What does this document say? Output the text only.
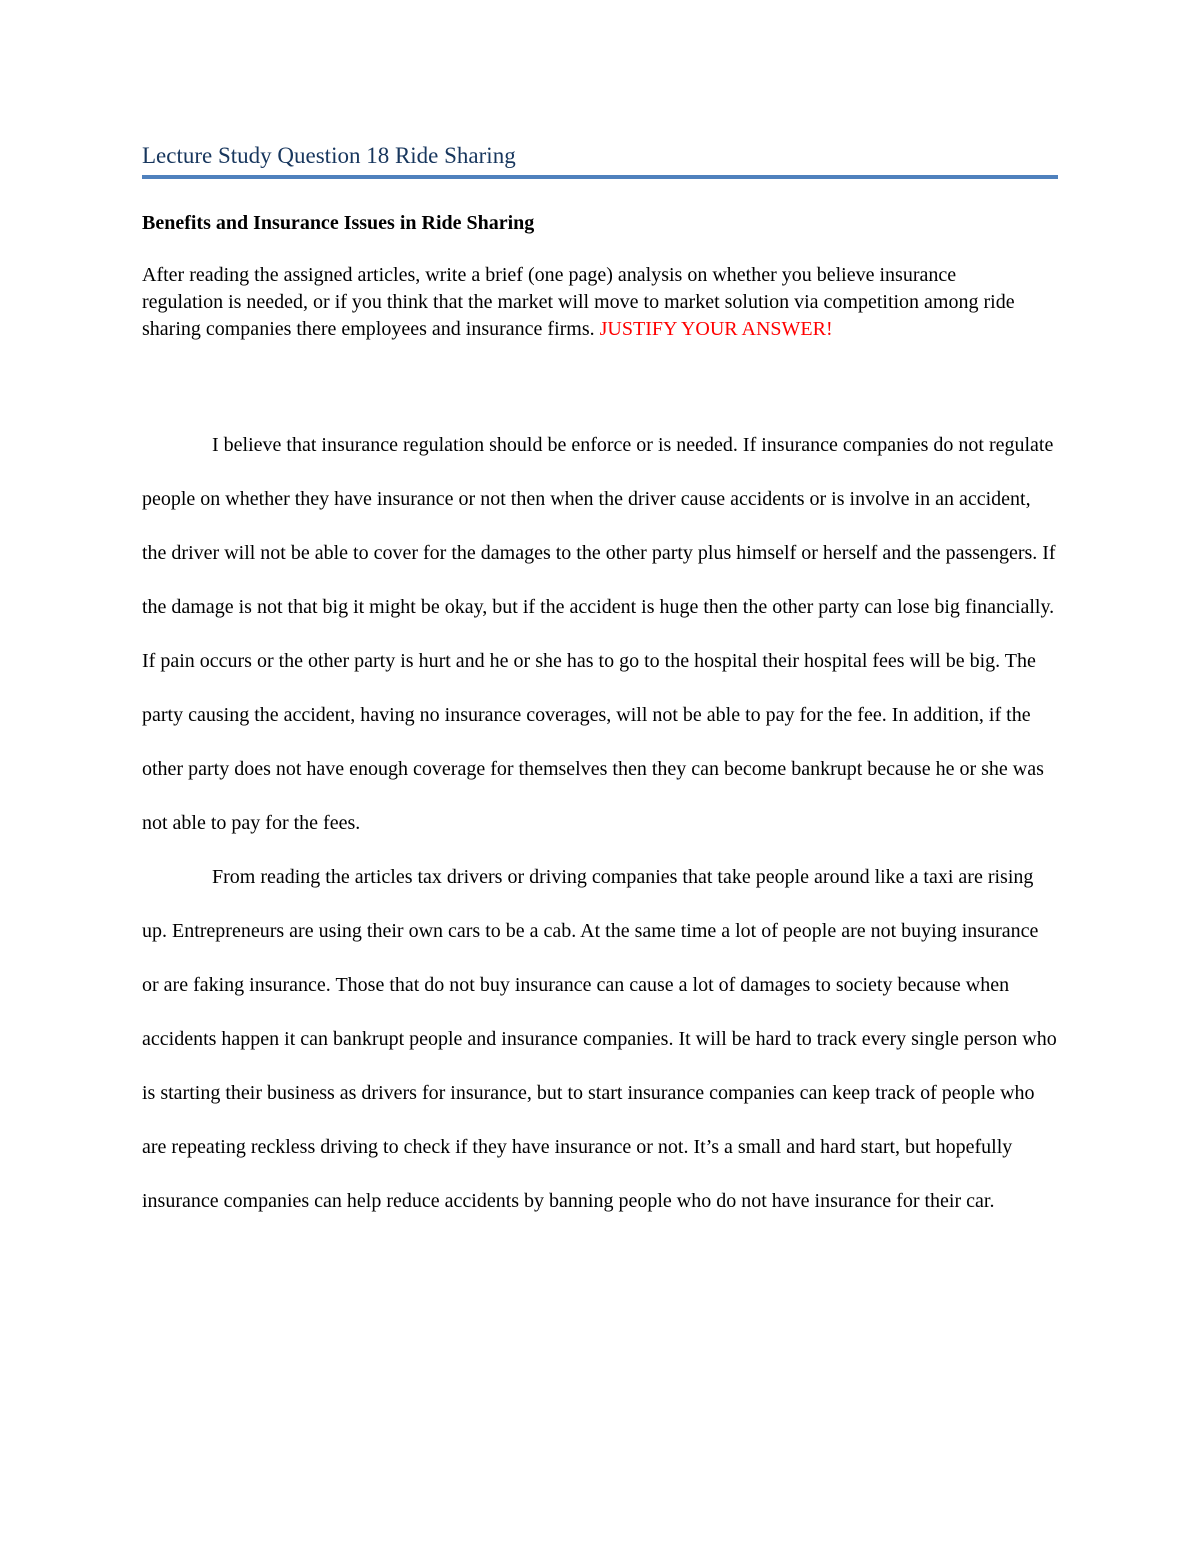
Lecture Study Question 18 Ride Sharing
Benefits and Insurance Issues in Ride Sharing

After reading the assigned articles, write a brief (one page) analysis on whether you believe insurance regulation is needed, or if you think that the market will move to market solution via competition among ride sharing companies there employees and insurance firms. JUSTIFY YOUR ANSWER!

I believe that insurance regulation should be enforce or is needed. If insurance companies do not regulate people on whether they have insurance or not then when the driver cause accidents or is involve in an accident, the driver will not be able to cover for the damages to the other party plus himself or herself and the passengers. If the damage is not that big it might be okay, but if the accident is huge then the other party can lose big financially. If pain occurs or the other party is hurt and he or she has to go to the hospital their hospital fees will be big. The party causing the accident, having no insurance coverages, will not be able to pay for the fee. In addition, if the other party does not have enough coverage for themselves then they can become bankrupt because he or she was not able to pay for the fees.

From reading the articles tax drivers or driving companies that take people around like a taxi are rising up. Entrepreneurs are using their own cars to be a cab. At the same time a lot of people are not buying insurance or are faking insurance. Those that do not buy insurance can cause a lot of damages to society because when accidents happen it can bankrupt people and insurance companies. It will be hard to track every single person who is starting their business as drivers for insurance, but to start insurance companies can keep track of people who are repeating reckless driving to check if they have insurance or not. It’s a small and hard start, but hopefully insurance companies can help reduce accidents by banning people who do not have insurance for their car.
